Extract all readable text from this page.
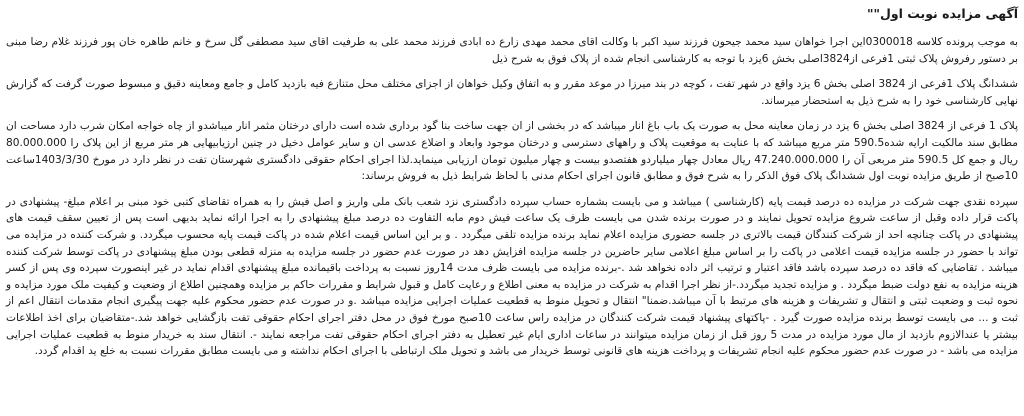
آگهی مزایده نوبت اول""

به موجب پرونده کلاسه 0300018این اجرا خواهان سید محمد جیحون فرزند سید اکبر با وکالت اقای محمد مهدی زارع ده ابادی فرزند محمد علی به طرفیت اقای سید مصطفی گل سرخ و خانم طاهره خان پور فرزند غلام رضا مبنی بر دستور رفروش پلاک ثبتی 1فرعی از3824اصلی بخش 6یزد با توجه به کارشناسی انجام شده از پلاک فوق به شرح ذیل

ششدانگ پلاک 1فرعی از 3824 اصلی بخش 6 یزد واقع در شهر تفت ، کوچه در بند میرزا در موعد مقرر و به اتفاق وکیل خواهان از اجزای مختلف محل متنازع فیه بازدید کامل و جامع ومعاینه دقیق و مبسوط صورت گرفت که گزارش نهایی کارشناسی خود را به شرح ذیل به استحضار میرساند.

پلاک 1 فرعی از 3824 اصلی بخش 6 یزد در زمان معاینه محل به صورت یک باب باغ انار میباشد که در بخشی از ان جهت ساخت بنا گود برداری شده است دارای درختان مثمر انار میباشدو از چاه خواجه امکان شرب دارد مساحت ان مطابق سند مالکیت ارایه شده590.5 متر مربع میباشد که با عنایت به موقعیت پلاک و راههای دسترسی و درختان موجود وابعاد و اضلاع عدسی ان و سایر عوامل دخیل در چنین ارزیابیهایی هر متر مربع از این پلاک را 80.000.000 ریال و جمع کل 590.5 متر مربعی آن را 47.240.000.000 ریال معادل چهار میلیاردو هفتصدو بیست و چهار میلیون تومان ارزیابی مینماید.لذا اجرای احکام حقوقی دادگستری شهرستان تفت در نظر دارد در مورخ 1403/3/30ساعت 10صبح از طریق مزایده نوبت اول ششدانگ پلاک فوق الذکر را به شرح فوق و مطابق قانون اجرای احکام مدنی با لحاظ شرایط ذیل به فروش برساند:

سپرده نقدی جهت شرکت در مزایده ده درصد قیمت پایه (کارشناسی ) میباشد و می بایست بشماره حساب سپرده دادگستری نزد شعب بانک ملی واریز و اصل فیش را به همراه تقاضای کتبی خود مبنی بر اعلام مبلغ- پیشنهادی در پاکت قرار داده وقبل از ساعت شروع مزایده تحویل نمایند و در صورت برنده شدن می بایست ظرف یک ساعت فیش دوم مابه التفاوت ده درصد مبلغ پیشنهادی را به اجرا ارائه نماید بدیهی است پس از تعیین سقف قیمت های پیشنهادی در پاکت چنانچه احد از شرکت کنندگان قیمت بالاتری در جلسه حضوری مزایده اعلام نماید برنده مزایده تلقی میگردد . و بر این اساس قیمت اعلام شده در پاکت قیمت پایه محسوب میگردد. و شرکت کننده در مزایده می تواند با حضور در جلسه مزایده قیمت اعلامی در پاکت را بر اساس مبلغ اعلامی سایر حاضرین در جلسه مزایده افزایش دهد در صورت عدم حضور در جلسه مزایده به منزله قطعی بودن مبلغ پیشنهادی در پاکت توسط شرکت کننده میباشد . تقاضایی که فاقد ده درصد سپرده باشد فاقد اعتبار و ترتیب اثر داده نخواهد شد .-برنده مزایده می بایست ظرف مدت 14روز نسبت به پرداخت باقیمانده مبلغ پیشنهادی اقدام نماید در غیر اینصورت سپرده وی پس از کسر هزینه مزایده به نفع دولت ضبط میگردد . و مزایده تجدید میگردد.-از نظر اجرا اقدام به شرکت در مزایده به معنی اطلاع و رعایت کامل و قبول شرایط و مقررات حاکم بر مزایده وهمچنین اطلاع از وضعیت و کیفیت ملک مورد مزایده و نحوه ثبت و وضعیت ثبتی و انتقال و تشریفات و هزینه های مرتبط با آن میباشد.ضمنا" انتقال و تحویل منوط به قطعیت عملیات اجرایی مزایده میباشد .و در صورت عدم حضور محکوم علیه جهت پیگیری انجام مقدمات انتقال اعم از ثبت و ... می بایست توسط برنده مزایده صورت گیرد . -پاکتهای پیشنهاد قیمت شرکت کنندگان در مزایده راس ساعت 10صبح مورخ فوق در محل دفتر اجرای احکام حقوقی تفت بازگشایی خواهد شد.-متقاضیان برای اخذ اطلاعات بیشتر یا عندالازوم بازدید از مال مورد مزایده در مدت 5 روز قبل از زمان مزایده میتوانند در ساعات اداری ایام غیر تعطیل به دفتر اجرای احکام حقوقی تفت مراجعه نمایند -. انتقال سند به خریدار منوط به قطعیت عملیات اجرایی مزایده می باشد - در صورت عدم حضور محکوم علیه انجام تشریفات و پرداخت هزینه های قانونی توسط خریدار می باشد و تحویل ملک ارتباطی با اجرای احکام نداشته و می بایست مطابق مقررات نسبت به خلع ید اقدام گردد.
